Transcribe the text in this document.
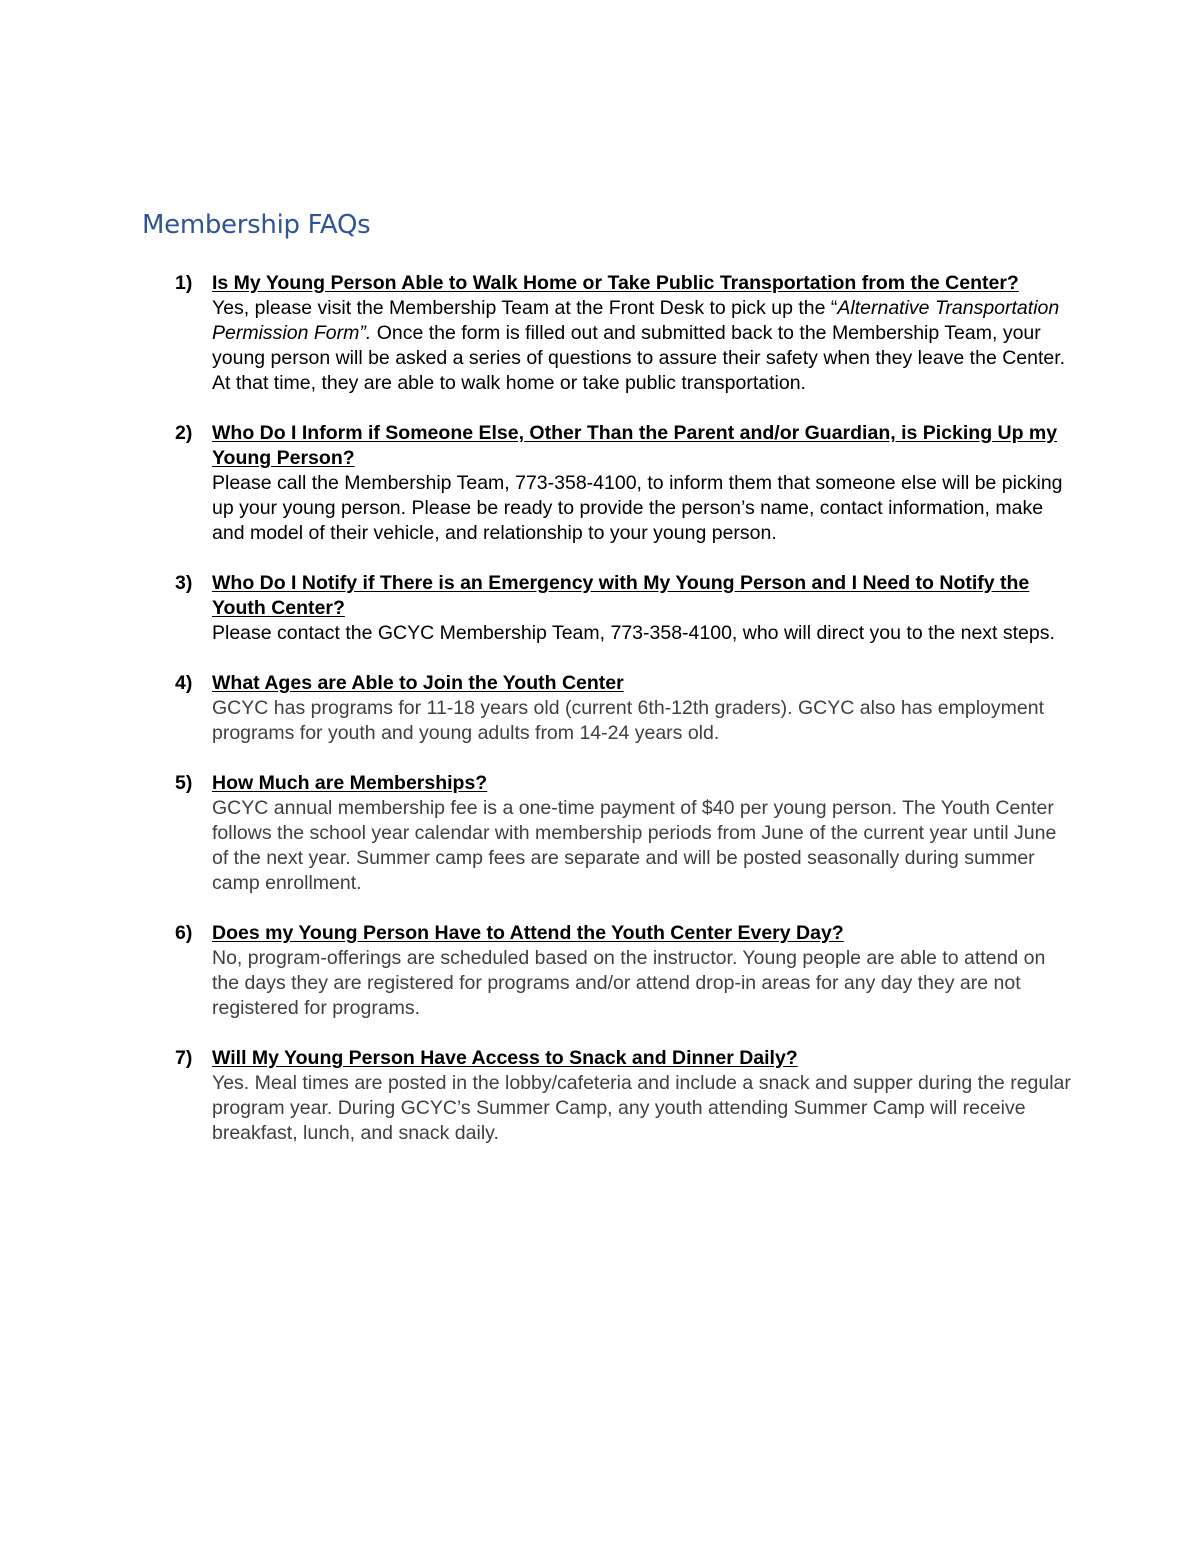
Membership FAQs
1) Is My Young Person Able to Walk Home or Take Public Transportation from the Center?
Yes, please visit the Membership Team at the Front Desk to pick up the “Alternative Transportation Permission Form”. Once the form is filled out and submitted back to the Membership Team, your young person will be asked a series of questions to assure their safety when they leave the Center. At that time, they are able to walk home or take public transportation.
2) Who Do I Inform if Someone Else, Other Than the Parent and/or Guardian, is Picking Up my Young Person?
Please call the Membership Team, 773-358-4100, to inform them that someone else will be picking up your young person. Please be ready to provide the person’s name, contact information, make and model of their vehicle, and relationship to your young person.
3) Who Do I Notify if There is an Emergency with My Young Person and I Need to Notify the Youth Center?
Please contact the GCYC Membership Team, 773-358-4100, who will direct you to the next steps.
4) What Ages are Able to Join the Youth Center
GCYC has programs for 11-18 years old (current 6th-12th graders). GCYC also has employment programs for youth and young adults from 14-24 years old.
5) How Much are Memberships?
GCYC annual membership fee is a one-time payment of $40 per young person. The Youth Center follows the school year calendar with membership periods from June of the current year until June of the next year. Summer camp fees are separate and will be posted seasonally during summer camp enrollment.
6) Does my Young Person Have to Attend the Youth Center Every Day?
No, program-offerings are scheduled based on the instructor. Young people are able to attend on the days they are registered for programs and/or attend drop-in areas for any day they are not registered for programs.
7) Will My Young Person Have Access to Snack and Dinner Daily?
Yes. Meal times are posted in the lobby/cafeteria and include a snack and supper during the regular program year. During GCYC’s Summer Camp, any youth attending Summer Camp will receive breakfast, lunch, and snack daily.
